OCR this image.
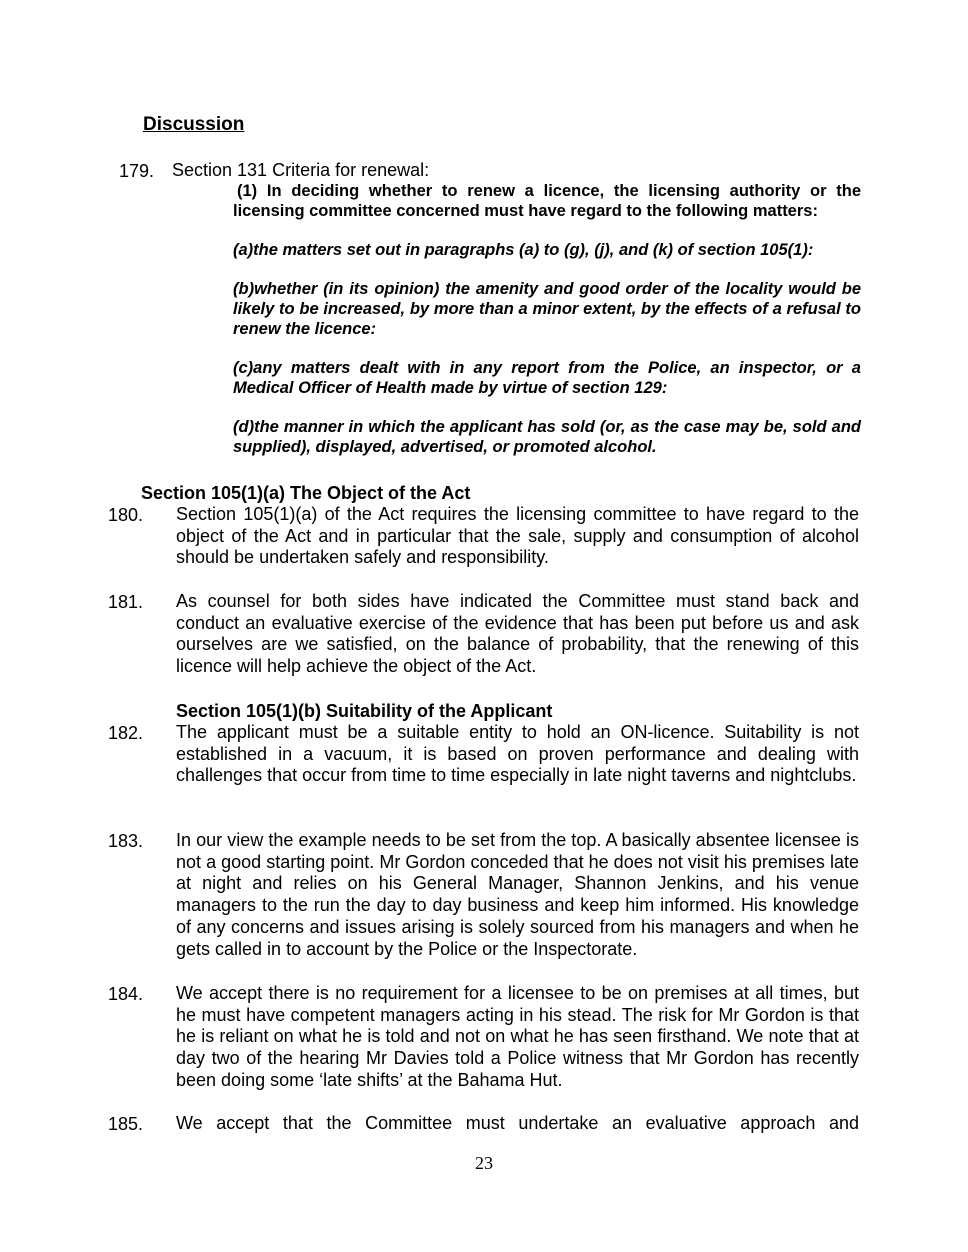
Discussion
179. Section 131 Criteria for renewal:

(1) In deciding whether to renew a licence, the licensing authority or the licensing committee concerned must have regard to the following matters:

(a)the matters set out in paragraphs (a) to (g), (j), and (k) of section 105(1):

(b)whether (in its opinion) the amenity and good order of the locality would be likely to be increased, by more than a minor extent, by the effects of a refusal to renew the licence:

(c)any matters dealt with in any report from the Police, an inspector, or a Medical Officer of Health made by virtue of section 129:

(d)the manner in which the applicant has sold (or, as the case may be, sold and supplied), displayed, advertised, or promoted alcohol.

Section 105(1)(a) The Object of the Act
180. Section 105(1)(a) of the Act requires the licensing committee to have regard to the object of the Act and in particular that the sale, supply and consumption of alcohol should be undertaken safely and responsibility.
181. As counsel for both sides have indicated the Committee must stand back and conduct an evaluative exercise of the evidence that has been put before us and ask ourselves are we satisfied, on the balance of probability, that the renewing of this licence will help achieve the object of the Act.
Section 105(1)(b) Suitability of the Applicant
182. The applicant must be a suitable entity to hold an ON-licence. Suitability is not established in a vacuum, it is based on proven performance and dealing with challenges that occur from time to time especially in late night taverns and nightclubs.
183. In our view the example needs to be set from the top. A basically absentee licensee is not a good starting point. Mr Gordon conceded that he does not visit his premises late at night and relies on his General Manager, Shannon Jenkins, and his venue managers to the run the day to day business and keep him informed. His knowledge of any concerns and issues arising is solely sourced from his managers and when he gets called in to account by the Police or the Inspectorate.
184. We accept there is no requirement for a licensee to be on premises at all times, but he must have competent managers acting in his stead. The risk for Mr Gordon is that he is reliant on what he is told and not on what he has seen firsthand. We note that at day two of the hearing Mr Davies told a Police witness that Mr Gordon has recently been doing some ‘late shifts’ at the Bahama Hut.
185. We accept that the Committee must undertake an evaluative approach and
23
